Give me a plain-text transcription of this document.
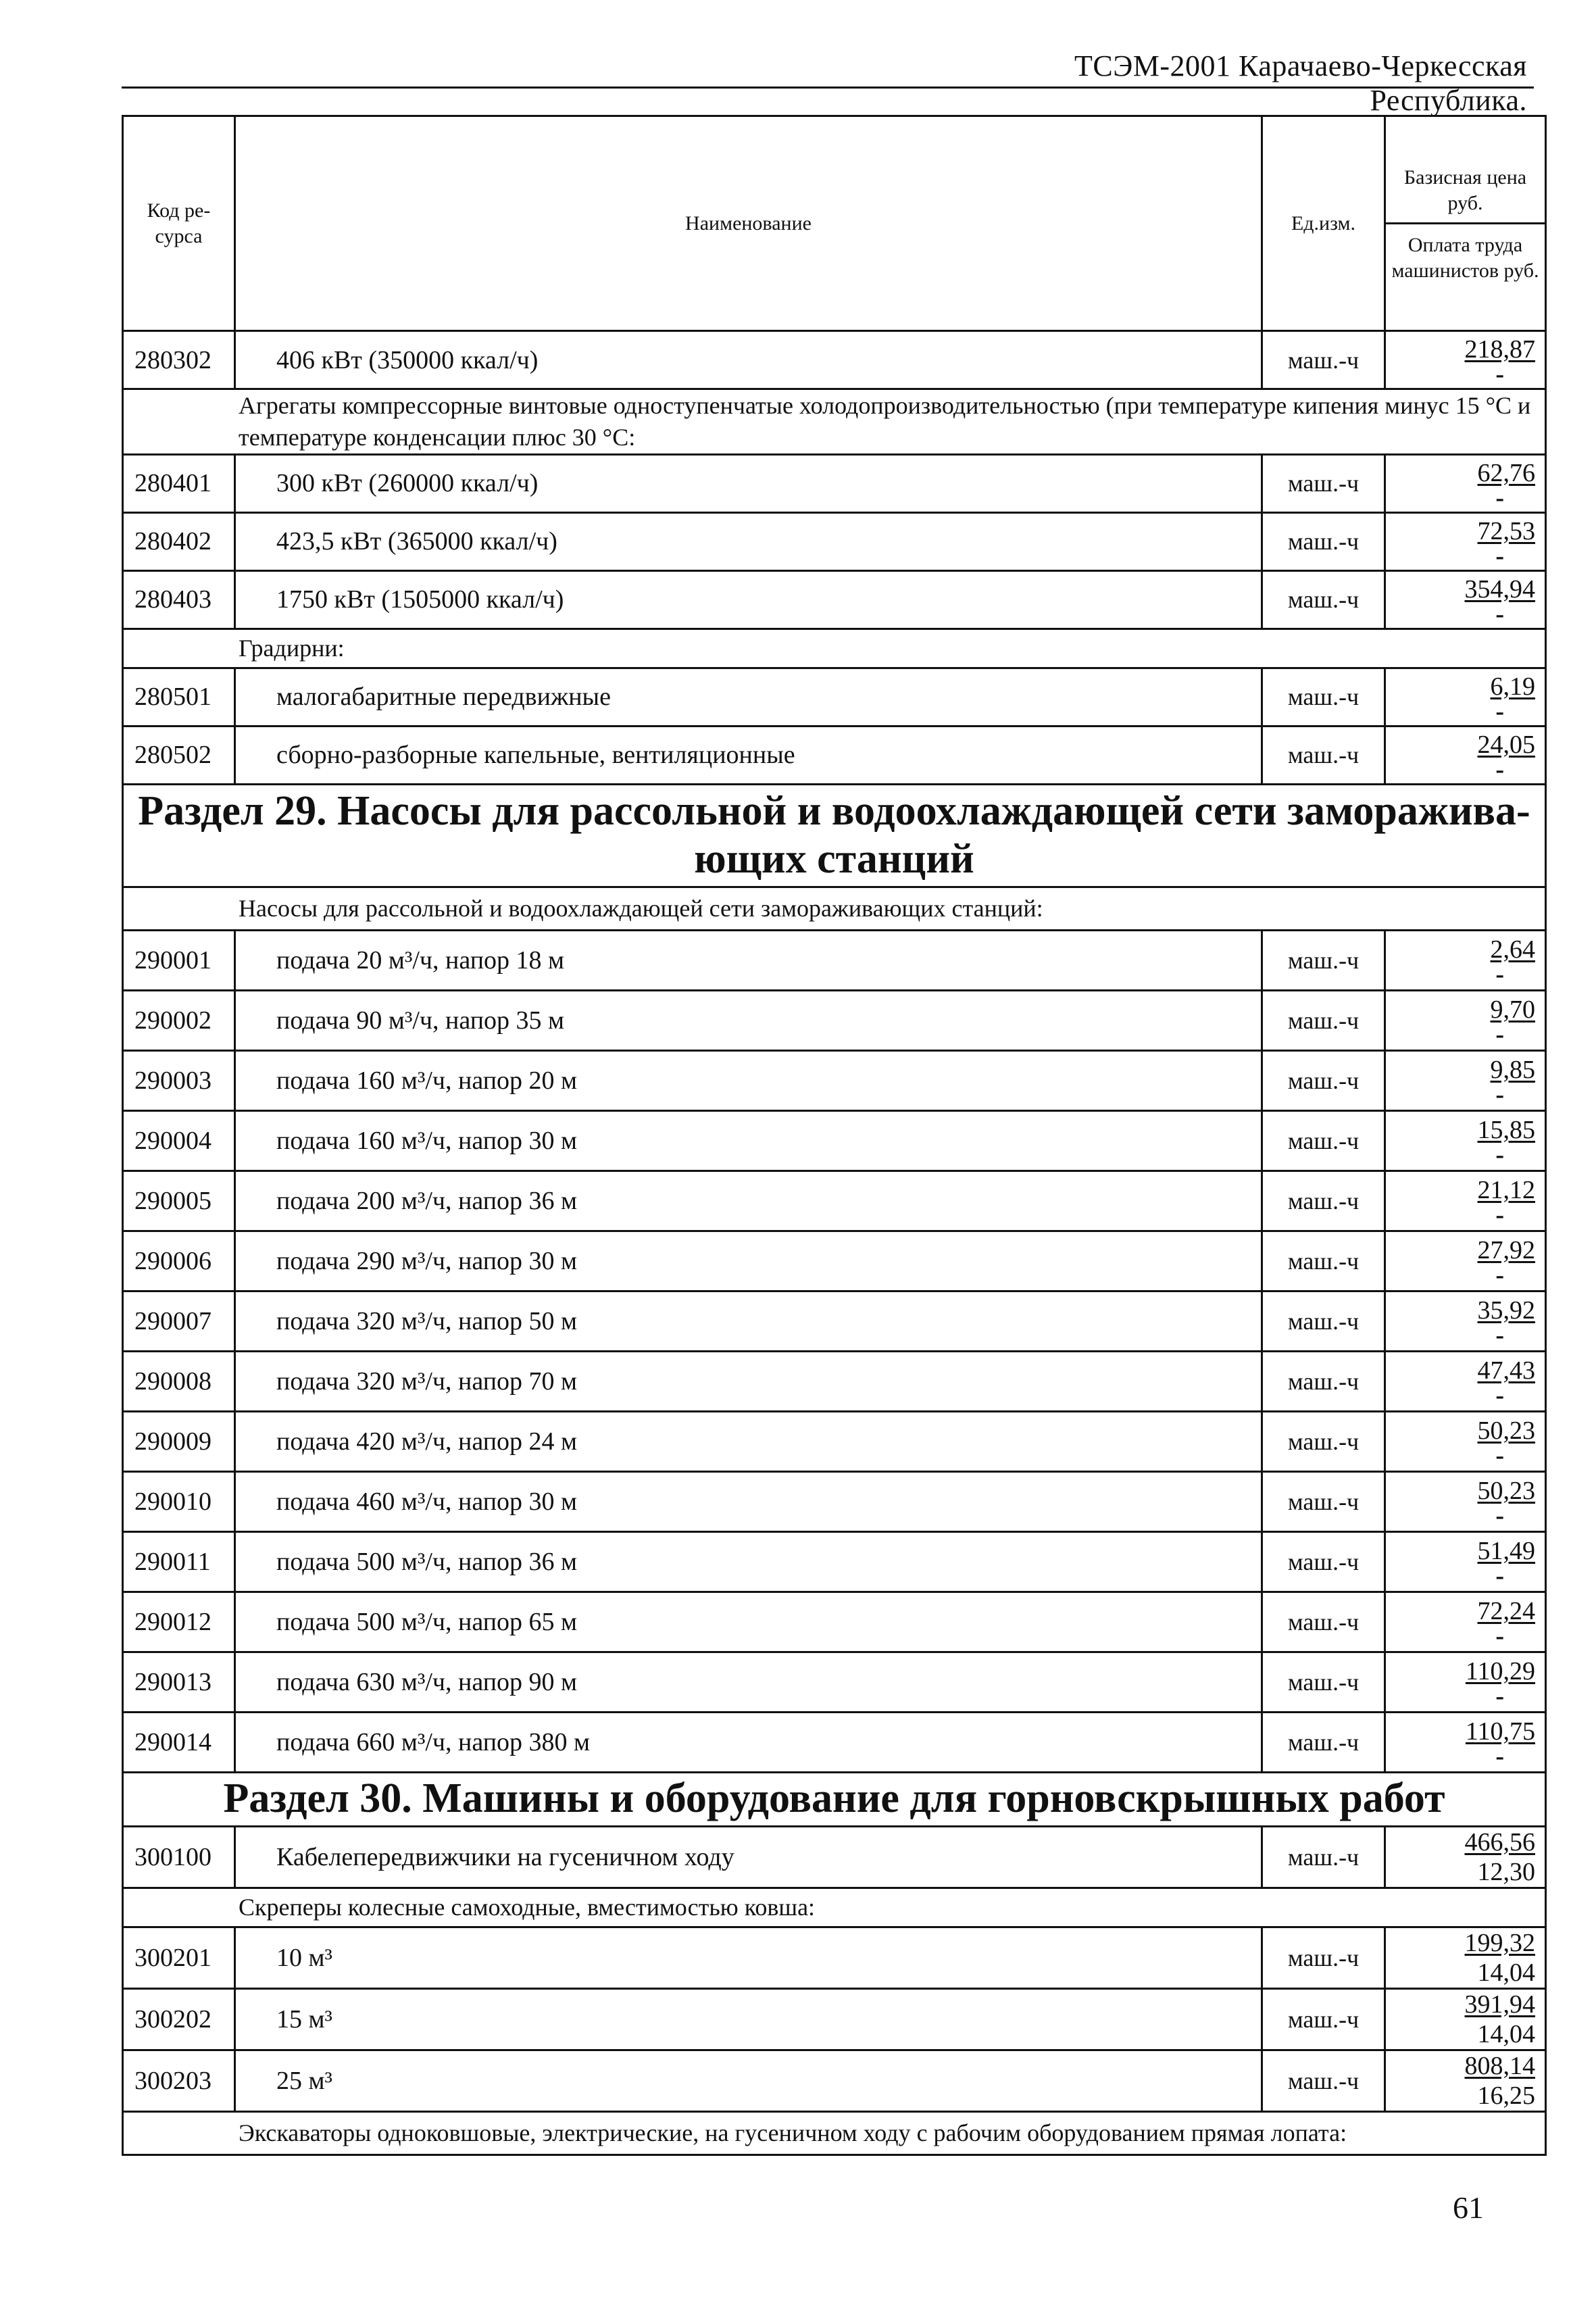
ТСЭМ-2001 Карачаево-Черкесская Республика.
Код ре-сурса	Наименование	Ед.изм.	Базисная цена руб.
Оплата труда машинистов руб.

280302	406 кВт (350000 ккал/ч)	маш.-ч	218,87
-

Агрегаты компрессорные винтовые одноступенчатые холодопроизводительностью (при температуре кипения минус 15 °С и температуре конденсации плюс 30 °С:			
280401	300 кВт (260000 ккал/ч)	маш.-ч	62,76
-

280402	423,5 кВт (365000 ккал/ч)	маш.-ч	72,53
-

280403	1750 кВт (1505000 ккал/ч)	маш.-ч	354,94
-

Градирни:			
280501	малогабаритные передвижные	маш.-ч	6,19
-

280502	сборно-разборные капельные, вентиляционные	маш.-ч	24,05
-

Раздел 29. Насосы для рассольной и водоохлаждающей сети замораживающих станций			
Насосы для рассольной и водоохлаждающей сети замораживающих станций:			
290001	подача 20 м³/ч, напор 18 м	маш.-ч	2,64
-

290002	подача 90 м³/ч, напор 35 м	маш.-ч	9,70
-

290003	подача 160 м³/ч, напор 20 м	маш.-ч	9,85
-

290004	подача 160 м³/ч, напор 30 м	маш.-ч	15,85
-

290005	подача 200 м³/ч, напор 36 м	маш.-ч	21,12
-

290006	подача 290 м³/ч, напор 30 м	маш.-ч	27,92
-

290007	подача 320 м³/ч, напор 50 м	маш.-ч	35,92
-

290008	подача 320 м³/ч, напор 70 м	маш.-ч	47,43
-

290009	подача 420 м³/ч, напор 24 м	маш.-ч	50,23
-

290010	подача 460 м³/ч, напор 30 м	маш.-ч	50,23
-

290011	подача 500 м³/ч, напор 36 м	маш.-ч	51,49
-

290012	подача 500 м³/ч, напор 65 м	маш.-ч	72,24
-

290013	подача 630 м³/ч, напор 90 м	маш.-ч	110,29
-

290014	подача 660 м³/ч, напор 380 м	маш.-ч	110,75
-

Раздел 30. Машины и оборудование для горновскрышных работ			
300100	Кабелепередвижчики на гусеничном ходу	маш.-ч	466,56
12,30

Скреперы колесные самоходные, вместимостью ковша:			
300201	10 м³	маш.-ч	199,32
14,04

300202	15 м³	маш.-ч	391,94
14,04

300203	25 м³	маш.-ч	808,14
16,25

Экскаваторы одноковшовые, электрические, на гусеничном ходу с рабочим оборудованием прямая лопата:			
61
